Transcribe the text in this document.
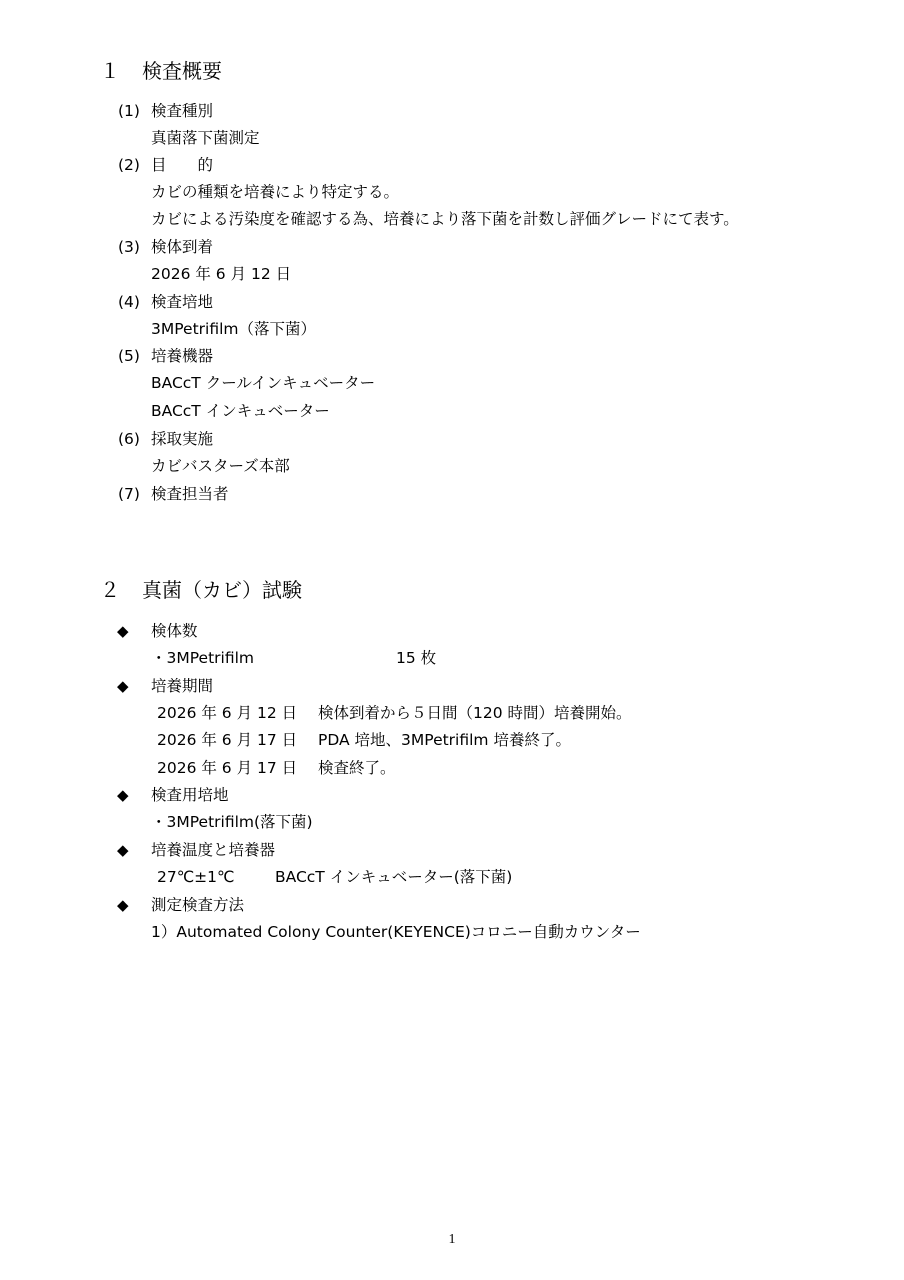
１ 検査概要
(1) 検査種別
真菌落下菌測定
(2) 目　　的
カビの種類を培養により特定する。
カビによる汚染度を確認する為、培養により落下菌を計数し評価グレードにて表す。
(3) 検体到着
2026 年 6 月 12 日
(4) 検査培地
3MPetrifilm（落下菌）
(5) 培養機器
BACcT クールインキュベーター
BACcT インキュベーター
(6) 採取実施
カビバスターズ本部
(7) 検査担当者
２ 真菌（カビ）試験
◆ 検体数
・3MPetrifilm	15 枚
◆ 培養期間
2026 年 6 月 12 日 検体到着から５日間（120 時間）培養開始。
2026 年 6 月 17 日 PDA 培地、3MPetrifilm 培養終了。
2026 年 6 月 17 日 検査終了。
◆ 検査用培地
・3MPetrifilm(落下菌)
◆ 培養温度と培養器
27℃±1℃	BACcT インキュベーター(落下菌)
◆ 測定検査方法
1）Automated Colony Counter(KEYENCE)コロニー自動カウンター
1
